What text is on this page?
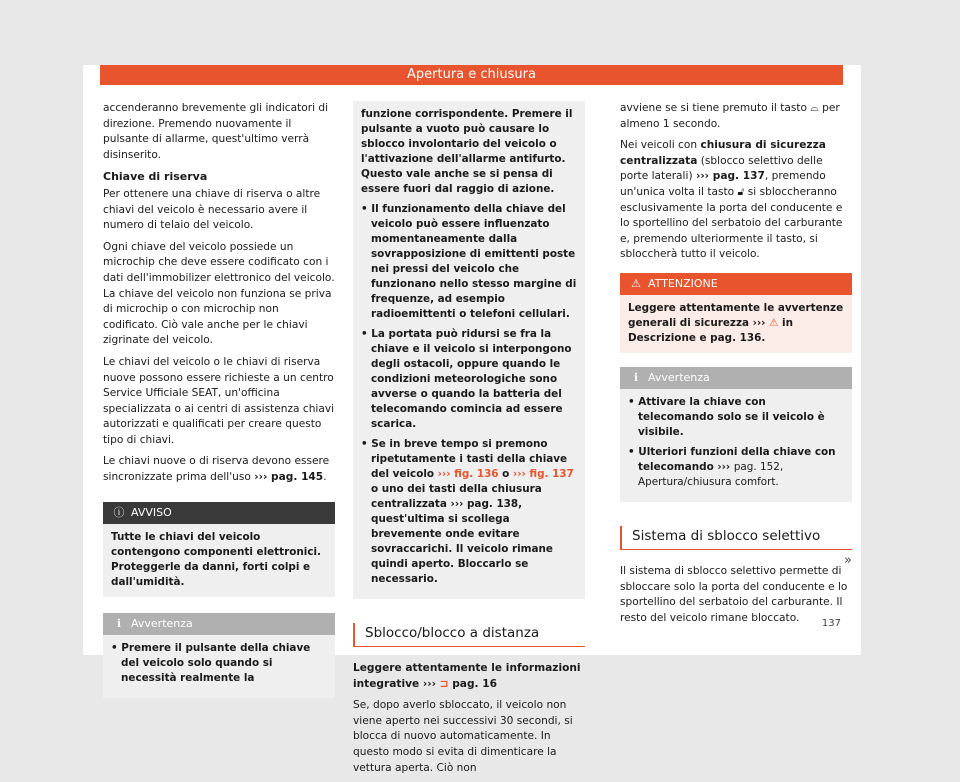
Apertura e chiusura

accenderanno brevemente gli indicatori di direzione. Premendo nuovamente il pulsante di allarme, quest'ultimo verrà disinserito.

Chiave di riserva

Per ottenere una chiave di riserva o altre chiavi del veicolo è necessario avere il numero di telaio del veicolo.

Ogni chiave del veicolo possiede un microchip che deve essere codificato con i dati dell'immobilizer elettronico del veicolo. La chiave del veicolo non funziona se priva di microchip o con microchip non codificato. Ciò vale anche per le chiavi zigrinate del veicolo.

Le chiavi del veicolo o le chiavi di riserva nuove possono essere richieste a un centro Service Ufficiale SEAT, un'officina specializzata o ai centri di assistenza chiavi autorizzati e qualificati per creare questo tipo di chiavi.

Le chiavi nuove o di riserva devono essere sincronizzate prima dell'uso ››› pag. 145.

ⓘ AVVISO
Tutte le chiavi del veicolo contengono componenti elettronici. Proteggerle da danni, forti colpi e dall'umidità.
ℹ Avvertenza

• Premere il pulsante della chiave del veicolo solo quando si necessità realmente la

funzione corrispondente. Premere il pulsante a vuoto può causare lo sblocco involontario del veicolo o l'attivazione dell'allarme antifurto. Questo vale anche se si pensa di essere fuori dal raggio di azione.

• Il funzionamento della chiave del veicolo può essere influenzato momentaneamente dalla sovrapposizione di emittenti poste nei pressi del veicolo che funzionano nello stesso margine di frequenze, ad esempio radioemittenti o telefoni cellulari.

• La portata può ridursi se fra la chiave e il veicolo si interpongono degli ostacoli, oppure quando le condizioni meteorologiche sono avverse o quando la batteria del telecomando comincia ad essere scarica.

• Se in breve tempo si premono ripetutamente i tasti della chiave del veicolo ››› fig. 136 o ››› fig. 137 o uno dei tasti della chiusura centralizzata ››› pag. 138, quest'ultima si scollega brevemente onde evitare sovraccarichi. Il veicolo rimane quindi aperto. Bloccarlo se necessario.

Sblocco/blocco a distanza

Leggere attentamente le informazioni integrative ››› ⊐ pag. 16

Se, dopo averlo sbloccato, il veicolo non viene aperto nei successivi 30 secondi, si blocca di nuovo automaticamente. In questo modo si evita di dimenticare la vettura aperta. Ciò non

avviene se si tiene premuto il tasto ⌓ per almeno 1 secondo.

Nei veicoli con chiusura di sicurezza centralizzata (sblocco selettivo delle porte laterali) ››› pag. 137, premendo un'unica volta il tasto 🔓︎ si sbloccheranno esclusivamente la porta del conducente e lo sportellino del serbatoio del carburante e, premendo ulteriormente il tasto, si sbloccherà tutto il veicolo.

⚠ ATTENZIONE
Leggere attentamente le avvertenze generali di sicurezza ››› ⚠ in Descrizione e pag. 136.
ℹ Avvertenza

• Attivare la chiave con telecomando solo se il veicolo è visibile.

• Ulteriori funzioni della chiave con telecomando ››› pag. 152, Apertura/chiusura comfort.

Sistema di sblocco selettivo

Il sistema di sblocco selettivo permette di sbloccare solo la porta del conducente e lo sportellino del serbatoio del carburante. Il resto del veicolo rimane bloccato.

»
137
